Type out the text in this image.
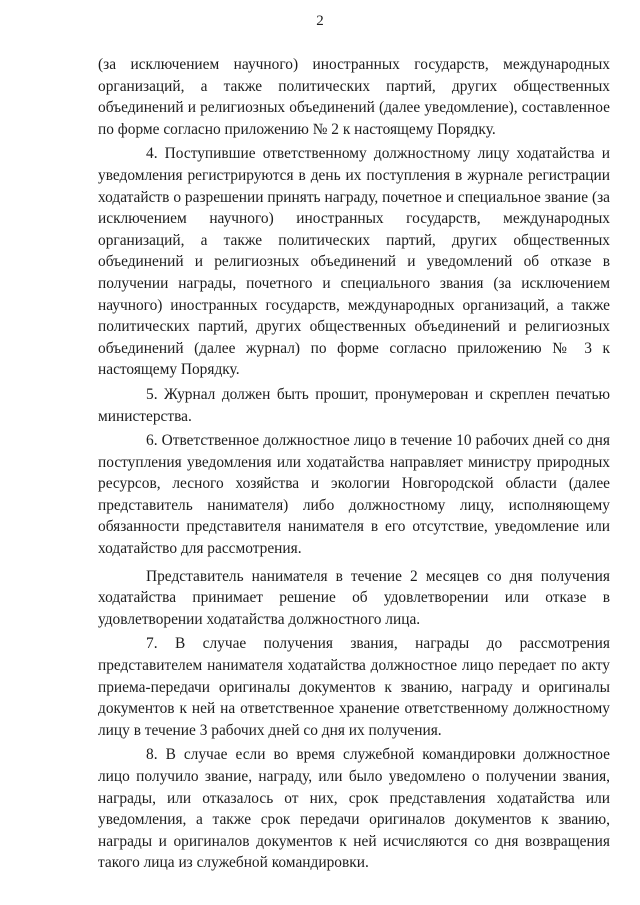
2

(за исключением научного) иностранных государств, международных организаций, а также политических партий, других общественных объединений и религиозных объединений (далее уведомление), составленное по форме согласно приложению № 2 к настоящему Порядку.

4. Поступившие ответственному должностному лицу ходатайства и уведомления регистрируются в день их поступления в журнале регистрации ходатайств о разрешении принять награду, почетное и специальное звание (за исключением научного) иностранных государств, международных организаций, а также политических партий, других общественных объединений и религиозных объединений и уведомлений об отказе в получении награды, почетного и специального звания (за исключением научного) иностранных государств, международных организаций, а также политических партий, других общественных объединений и религиозных объединений (далее журнал) по форме согласно приложению № 3 к настоящему Порядку.

5. Журнал должен быть прошит, пронумерован и скреплен печатью министерства.

6. Ответственное должностное лицо в течение 10 рабочих дней со дня поступления уведомления или ходатайства направляет министру природных ресурсов, лесного хозяйства и экологии Новгородской области (далее представитель нанимателя) либо должностному лицу, исполняющему обязанности представителя нанимателя в его отсутствие, уведомление или ходатайство для рассмотрения.

Представитель нанимателя в течение 2 месяцев со дня получения ходатайства принимает решение об удовлетворении или отказе в удовлетворении ходатайства должностного лица.

7. В случае получения звания, награды до рассмотрения представителем нанимателя ходатайства должностное лицо передает по акту приема-передачи оригиналы документов к званию, награду и оригиналы документов к ней на ответственное хранение ответственному должностному лицу в течение 3 рабочих дней со дня их получения.

8. В случае если во время служебной командировки должностное лицо получило звание, награду, или было уведомлено о получении звания, награды, или отказалось от них, срок представления ходатайства или уведомления, а также срок передачи оригиналов документов к званию, награды и оригиналов документов к ней исчисляются со дня возвращения такого лица из служебной командировки.
